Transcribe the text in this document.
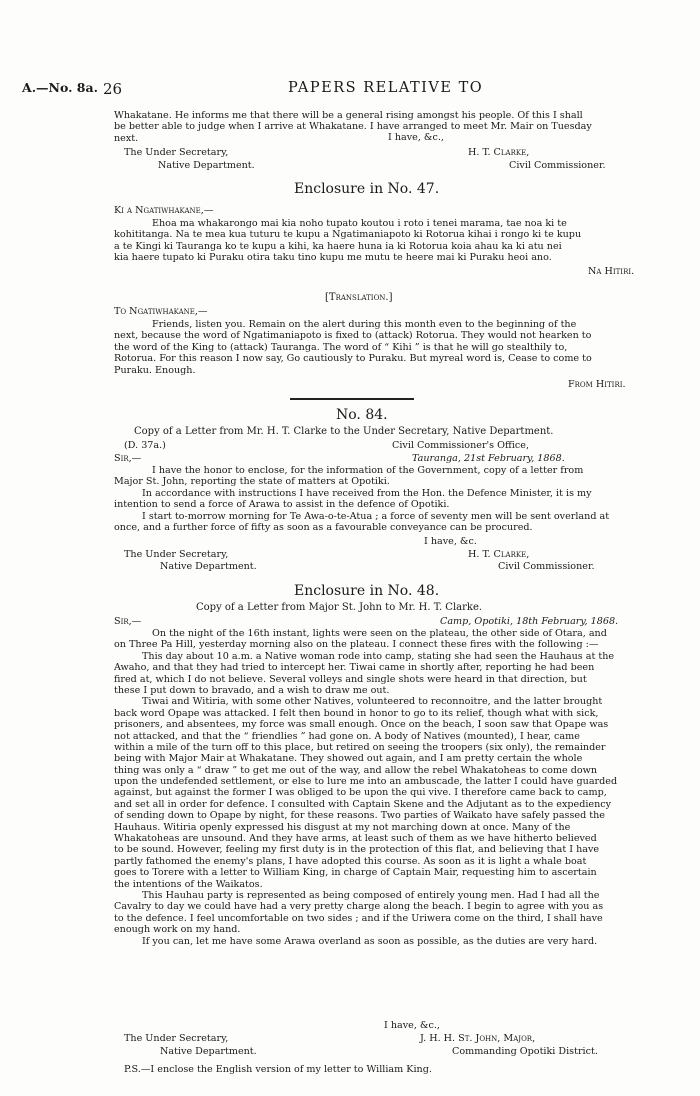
A.—No. 8a. 26	PAPERS RELATIVE TO
Whakatane. He informs me that there will be a general rising amongst his people. Of this I shall
be better able to judge when I arrive at Whakatane. I have arranged to meet Mr. Mair on Tuesday
next.	I have, &c.,
The Under Secretary,
Native Department.
H. T. Clarke,
Civil Commissioner.
Enclosure in No. 47.
Ki a Ngatiwhakane,—
Ehoa ma whakarongo mai kia noho tupato koutou i roto i tenei marama, tae noa ki te
kohititanga. Na te mea kua tuturu te kupu a Ngatimaniapoto ki Rotorua kihai i rongo ki te kupu
a te Kingi ki Tauranga ko te kupu a kihi, ka haere huna ia ki Rotorua koia ahau ka ki atu nei
kia haere tupato ki Puraku otira taku tino kupu me mutu te heere mai ki Puraku heoi ano.
Na Hitiri.
[Translation.]
To Ngatiwhakane,—
Friends, listen you. Remain on the alert during this month even to the beginning of the
next, because the word of Ngatimaniapoto is fixed to (attack) Rotorua. They would not hearken to
the word of the King to (attack) Tauranga. The word of “ Kihi ” is that he will go stealthily to,
Rotorua. For this reason I now say, Go cautiously to Puraku. But myreal word is, Cease to come to
Puraku. Enough.
From Hitiri.
No. 84.
Copy of a Letter from Mr. H. T. Clarke to the Under Secretary, Native Department.
(D. 37a.)	Civil Commissioner's Office,
Sir,—	Tauranga, 21st February, 1868.
I have the honor to enclose, for the information of the Government, copy of a letter from
Major St. John, reporting the state of matters at Opotiki.
In accordance with instructions I have received from the Hon. the Defence Minister, it is my
intention to send a force of Arawa to assist in the defence of Opotiki.
I start to-morrow morning for Te Awa-o-te-Atua ; a force of seventy men will be sent overland at
once, and a further force of fifty as soon as a favourable conveyance can be procured.
I have, &c.
The Under Secretary,
Native Department.
H. T. Clarke,
Civil Commissioner.
Enclosure in No. 48.
Copy of a Letter from Major St. John to Mr. H. T. Clarke.
Sir,—	Camp, Opotiki, 18th February, 1868.
On the night of the 16th instant, lights were seen on the plateau, the other side of Otara, and
on Three Pa Hill, yesterday morning also on the plateau. I connect these fires with the following :—
This day about 10 a.m. a Native woman rode into camp, stating she had seen the Hauhaus at the
Awaho, and that they had tried to intercept her. Tiwai came in shortly after, reporting he had been
fired at, which I do not believe. Several volleys and single shots were heard in that direction, but
these I put down to bravado, and a wish to draw me out.
Tiwai and Witiria, with some other Natives, volunteered to reconnoitre, and the latter brought
back word Opape was attacked. I felt then bound in honor to go to its relief, though what with sick,
prisoners, and absentees, my force was small enough. Once on the beach, I soon saw that Opape was
not attacked, and that the “ friendlies ” had gone on. A body of Natives (mounted), I hear, came
within a mile of the turn off to this place, but retired on seeing the troopers (six only), the remainder
being with Major Mair at Whakatane. They showed out again, and I am pretty certain the whole
thing was only a “ draw ” to get me out of the way, and allow the rebel Whakatoheas to come down
upon the undefended settlement, or else to lure me into an ambuscade, the latter I could have guarded
against, but against the former I was obliged to be upon the qui vive. I therefore came back to camp,
and set all in order for defence. I consulted with Captain Skene and the Adjutant as to the expediency
of sending down to Opape by night, for these reasons. Two parties of Waikato have safely passed the
Hauhaus. Witiria openly expressed his disgust at my not marching down at once. Many of the
Whakatoheas are unsound. And they have arms, at least such of them as we have hitherto believed
to be sound. However, feeling my first duty is in the protection of this flat, and believing that I have
partly fathomed the enemy's plans, I have adopted this course. As soon as it is light a whale boat
goes to Torere with a letter to William King, in charge of Captain Mair, requesting him to ascertain
the intentions of the Waikatos.
This Hauhau party is represented as being composed of entirely young men. Had I had all the
Cavalry to day we could have had a very pretty charge along the beach. I begin to agree with you as
to the defence. I feel uncomfortable on two sides ; and if the Uriwera come on the third, I shall have
enough work on my hand.
If you can, let me have some Arawa overland as soon as possible, as the duties are very hard.
I have, &c.,
The Under Secretary,
Native Department.
J. H. H. St. John, Major,
Commanding Opotiki District.
P.S.—I enclose the English version of my letter to William King.
